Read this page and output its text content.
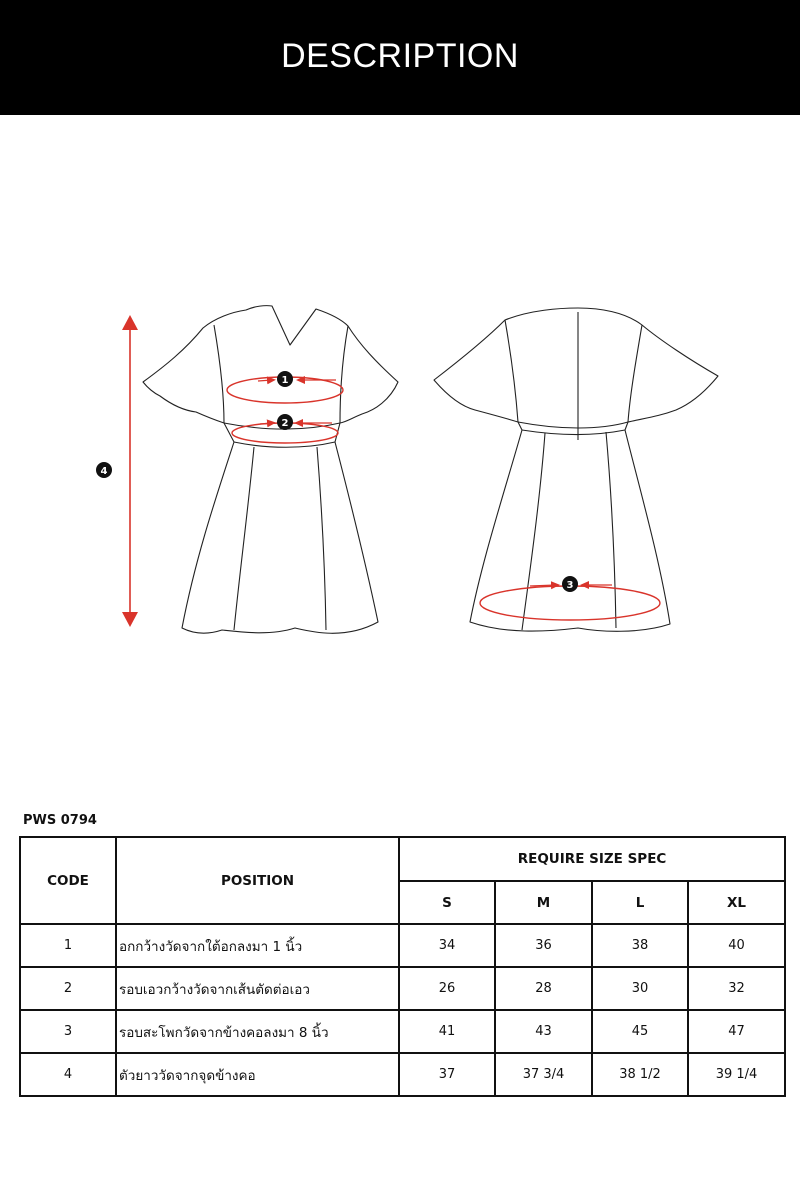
DESCRIPTION
1
2
3
4
PWS 0794
CODE	POSITION	REQUIRE SIZE SPEC			
		S	M	L	XL
1	อกกว้างวัดจากใต้อกลงมา 1 นิ้ว	34	36	38	40
2	รอบเอวกว้างวัดจากเส้นตัดต่อเอว	26	28	30	32
3	รอบสะโพกวัดจากข้างคอลงมา 8 นิ้ว	41	43	45	47
4	ตัวยาววัดจากจุดข้างคอ	37	37 3/4	38 1/2	39 1/4
